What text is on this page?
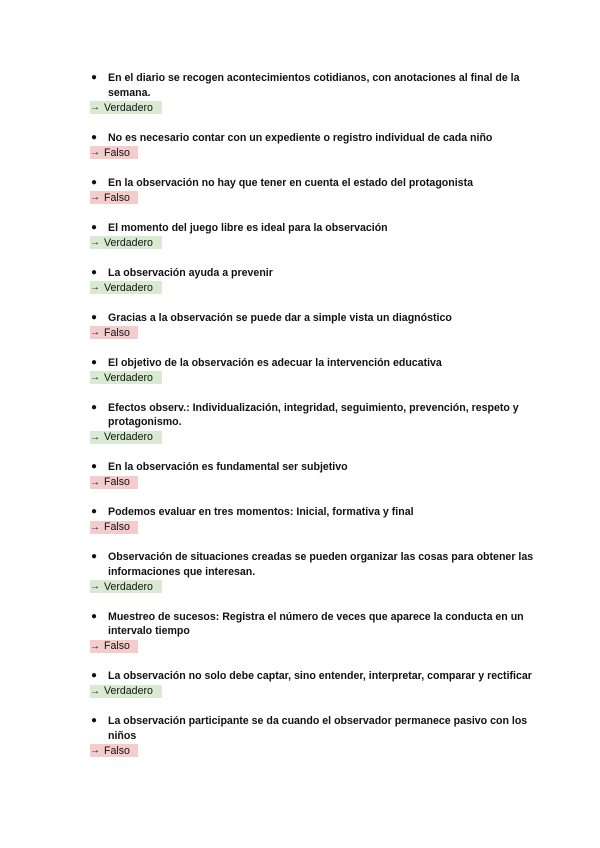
● En el diario se recogen acontecimientos cotidianos, con anotaciones al final de la semana.
→ Verdadero
● No es necesario contar con un expediente o registro individual de cada niño
→ Falso
● En la observación no hay que tener en cuenta el estado del protagonista
→ Falso
● El momento del juego libre es ideal para la observación
→ Verdadero
● La observación ayuda a prevenir
→ Verdadero
● Gracias a la observación se puede dar a simple vista un diagnóstico
→ Falso
● El objetivo de la observación es adecuar la intervención educativa
→ Verdadero
● Efectos observ.: Individualización, integridad, seguimiento, prevención, respeto y protagonismo.
→ Verdadero
● En la observación es fundamental ser subjetivo
→ Falso
● Podemos evaluar en tres momentos: Inicial, formativa y final
→ Falso
● Observación de situaciones creadas se pueden organizar las cosas para obtener las informaciones que interesan.
→ Verdadero
● Muestreo de sucesos: Registra el número de veces que aparece la conducta en un intervalo tiempo
→ Falso
● La observación no solo debe captar, sino entender, interpretar, comparar y rectificar
→ Verdadero
● La observación participante se da cuando el observador permanece pasivo con los niños
→ Falso
